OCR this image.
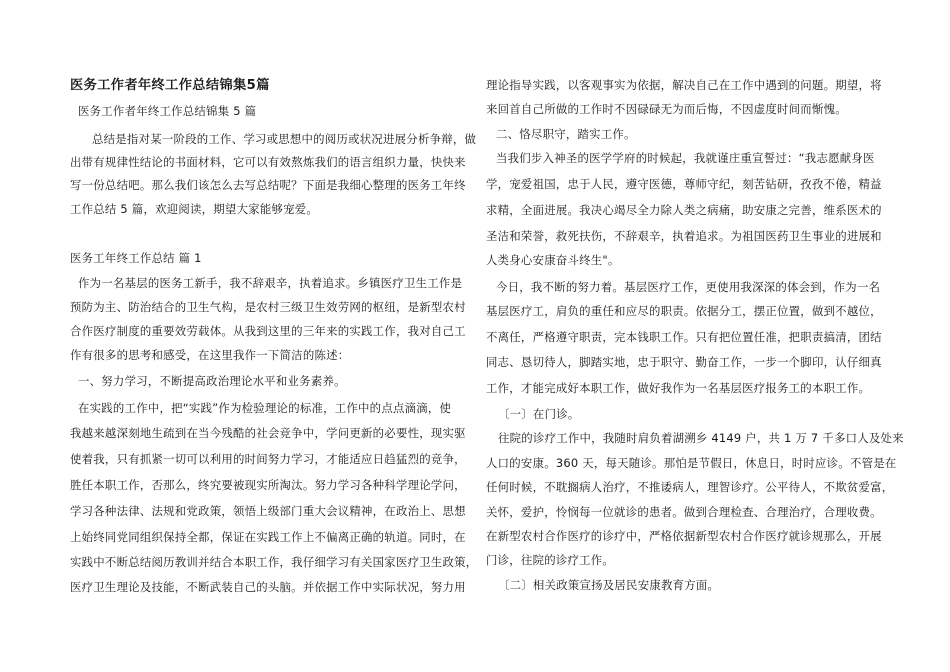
医务工作者年终工作总结锦集5篇
医务工作者年终工作总结锦集 5 篇
总结是指对某一阶段的工作、学习或思想中的阅历或状况进展分析争辩，做
出带有规律性结论的书面材料，它可以有效熬炼我们的语言组织力量，快快来
写一份总结吧。那么我们该怎么去写总结呢？下面是我细心整理的医务工年终
工作总结 5 篇，欢迎阅读，期望大家能够宠爱。
医务工年终工作总结 篇 1
作为一名基层的医务工新手，我不辞艰辛，执着追求。乡镇医疗卫生工作是
预防为主、防治结合的卫生气构，是农村三级卫生效劳网的枢纽，是新型农村
合作医疗制度的重要效劳载体。从我到这里的三年来的实践工作，我对自己工
作有很多的思考和感受，在这里我作一下简洁的陈述：
一、努力学习，不断提高政治理论水平和业务素养。
在实践的工作中，把“实践”作为检验理论的标准，工作中的点点滴滴，使
我越来越深刻地生疏到在当今残酷的社会竞争中，学问更新的必要性，现实驱
使着我，只有抓紧一切可以利用的时间努力学习，才能适应日趋猛烈的竞争，
胜任本职工作，否那么，终究要被现实所淘汰。努力学习各种科学理论学问，
学习各种法律、法规和党政策，领悟上级部门重大会议精神，在政治上、思想
上始终同党同组织保持全都，保证在实践工作上不偏离正确的轨道。同时，在
实践中不断总结阅历教训并结合本职工作，我仔细学习有关国家医疗卫生政策，
医疗卫生理论及技能，不断武装自己的头脑。并依据工作中实际状况，努力用
理论指导实践，以客观事实为依据，解决自己在工作中遇到的问题。期望，将
来回首自己所做的工作时不因碌碌无为而后悔，不因虚度时间而惭愧。
二、恪尽职守，踏实工作。
当我们步入神圣的医学学府的时候起，我就谨庄重宣誓过：“我志愿献身医
学，宠爱祖国，忠于人民，遵守医德，尊师守纪，刻苦钻研，孜孜不倦，精益
求精，全面进展。我决心竭尽全力除人类之病痛，助安康之完善，维系医术的
圣洁和荣誉，救死扶伤，不辞艰辛，执着追求。为祖国医药卫生事业的进展和
人类身心安康奋斗终生"。
今日，我不断的努力着。基层医疗工作，更使用我深深的体会到，作为一名
基层医疗工，肩负的重任和应尽的职责。依据分工，摆正位置，做到不越位，
不离任，严格遵守职责，完本钱职工作。只有把位置任准，把职责搞清，团结
同志、恳切待人，脚踏实地，忠于职守、勤奋工作，一步一个脚印，认仔细真
工作，才能完成好本职工作，做好我作为一名基层医疗报务工的本职工作。
〔一〕在门诊。
往院的诊疗工作中，我随时肩负着湖溯乡 4149 户，共 1 万 7 千多口人及处来
人口的安康。360 天，每天随诊。那怕是节假日，休息日，时时应诊。不管是在
任何时候，不耽搁病人治疗，不推诿病人，理智诊疗。公平待人，不欺贫爱富，
关怀，爱护，怜悯每一位就诊的患者。做到合理检查、合理治疗，合理收费。
在新型农村合作医疗的诊疗中，严格依据新型农村合作医疗就诊规那么，开展
门诊，往院的诊疗工作。
〔二〕相关政策宣扬及居民安康教育方面。
